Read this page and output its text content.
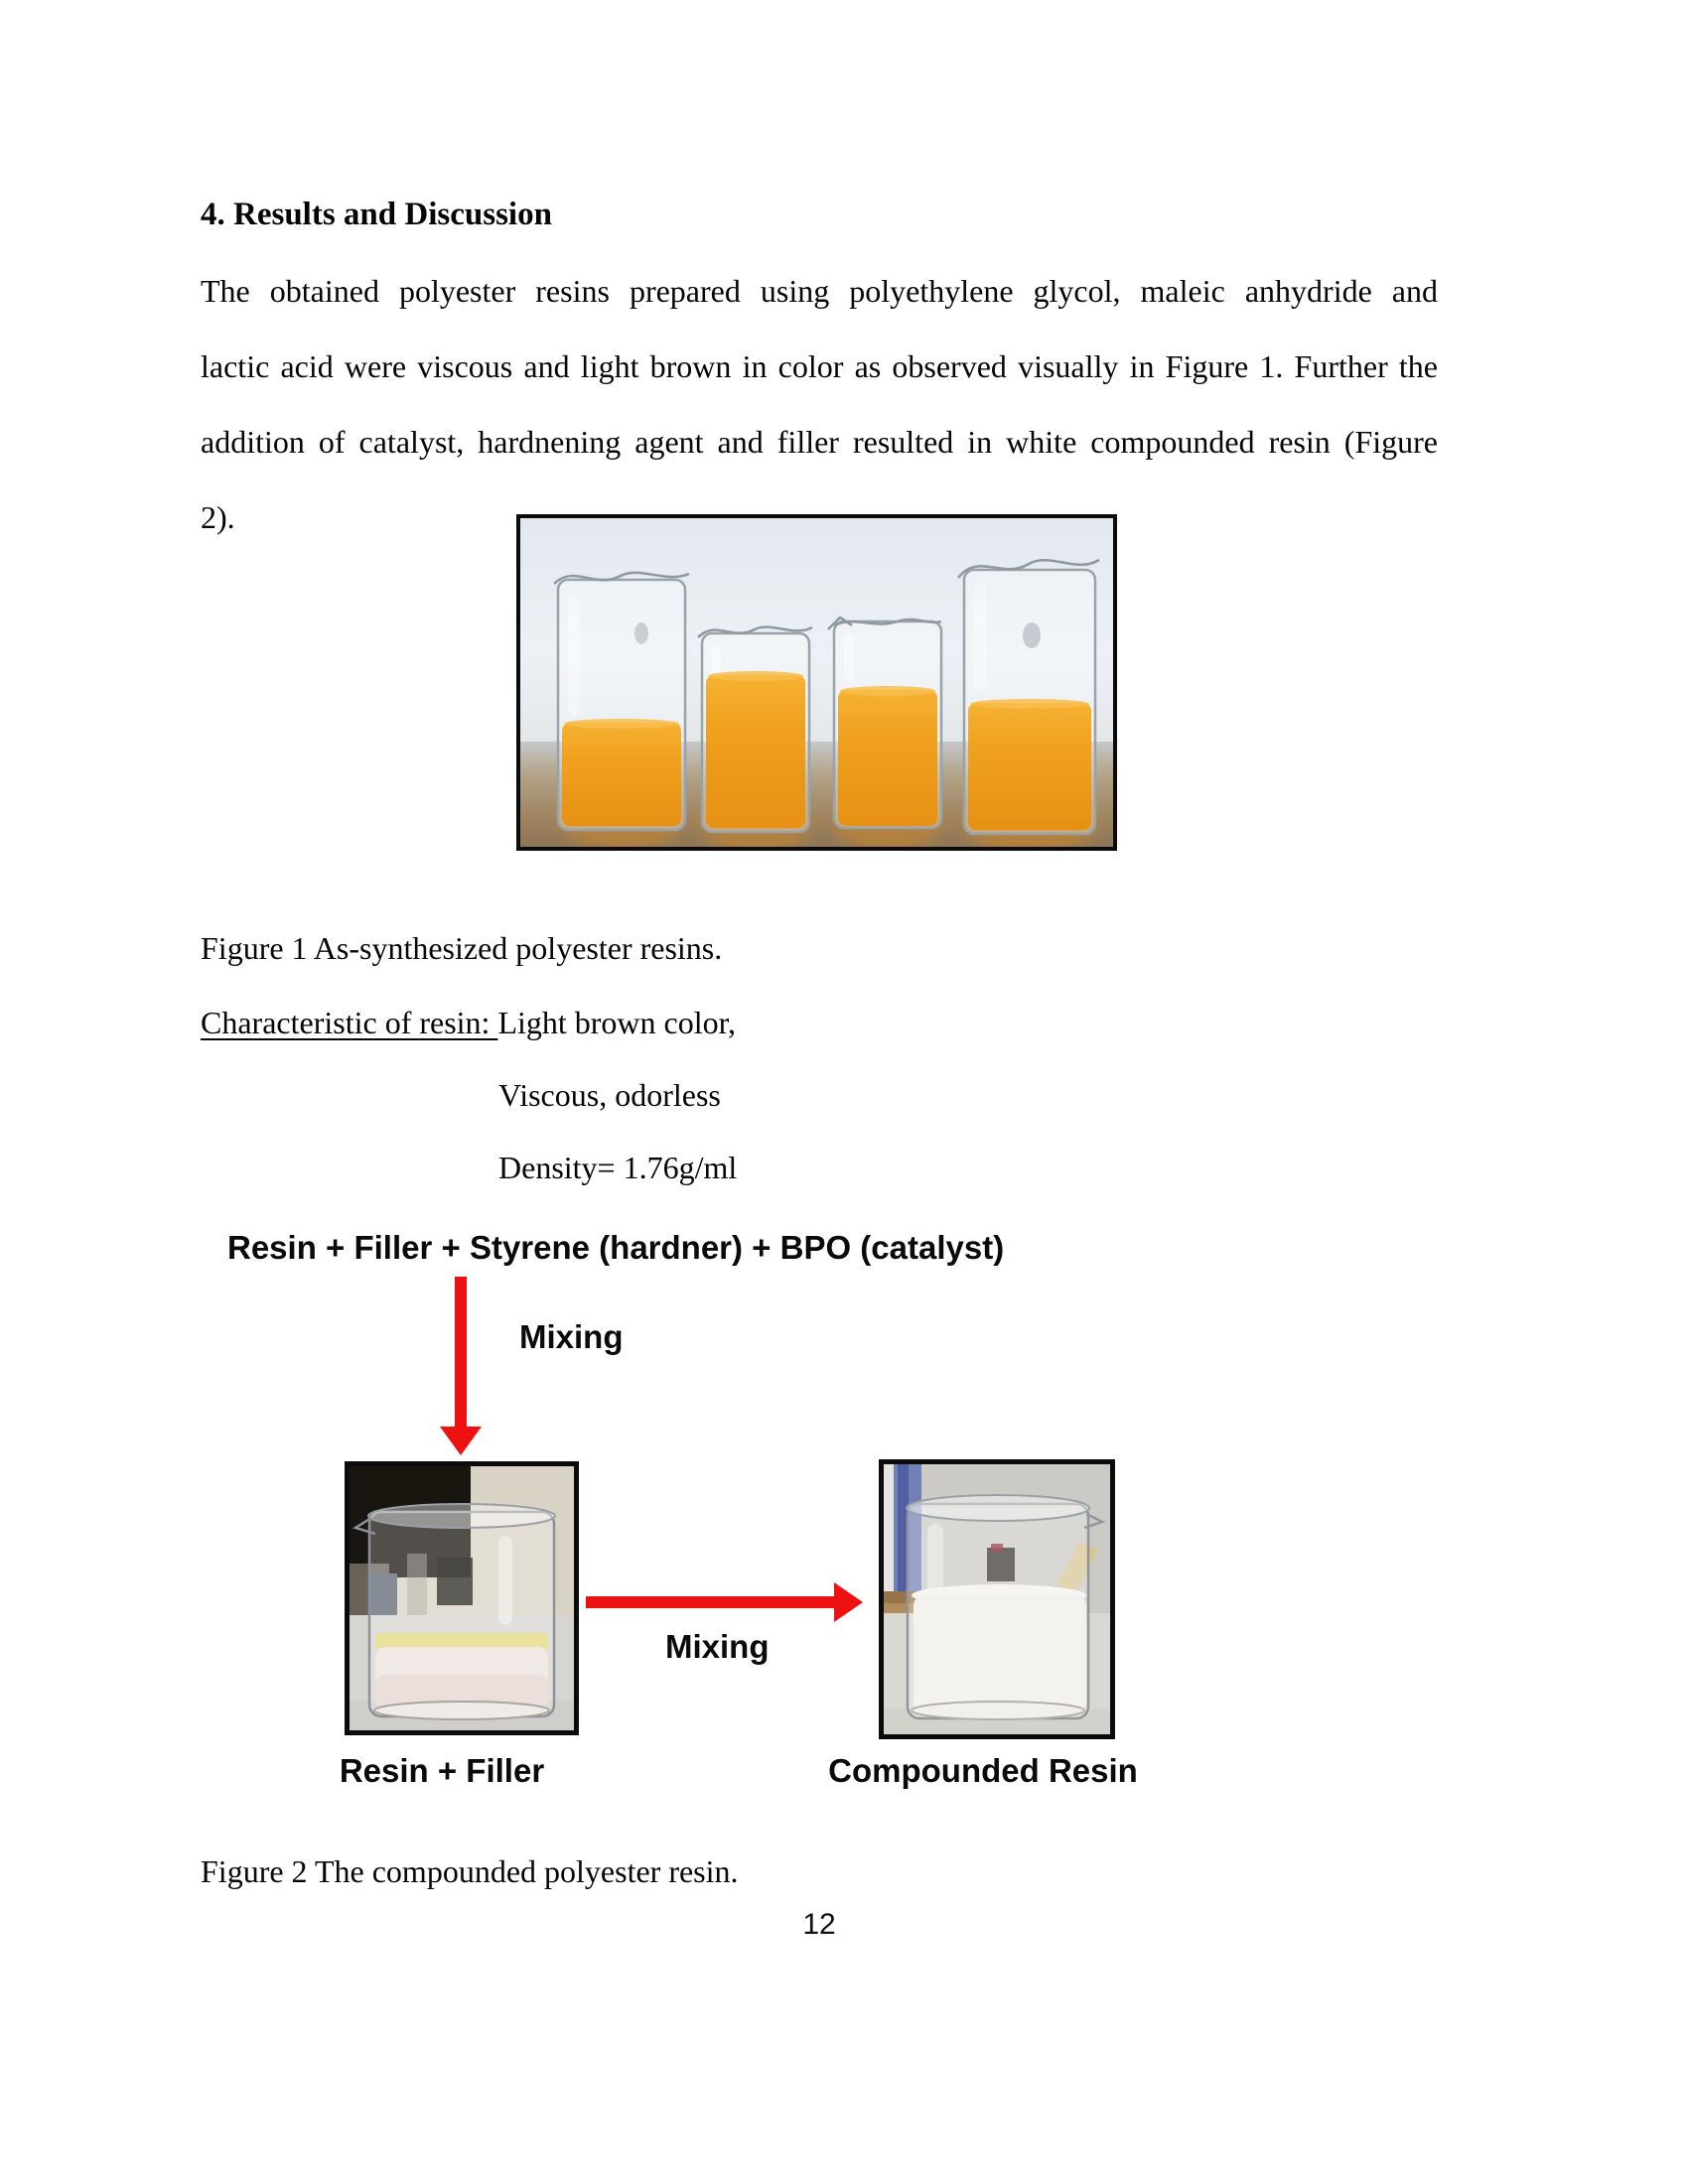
4. Results and Discussion
The obtained polyester resins prepared using polyethylene glycol, maleic anhydride and
lactic acid were viscous and light brown in color as observed visually in Figure 1. Further the
addition of catalyst, hardnening agent and filler resulted in white compounded resin (Figure
2).
Figure 1 As-synthesized polyester resins.
Characteristic of resin: Light brown color,
Viscous, odorless
Density= 1.76g/ml
Resin + Filler + Styrene (hardner) + BPO (catalyst)
Mixing
Mixing
Resin + Filler	Compounded Resin
Figure 2 The compounded polyester resin.
12
